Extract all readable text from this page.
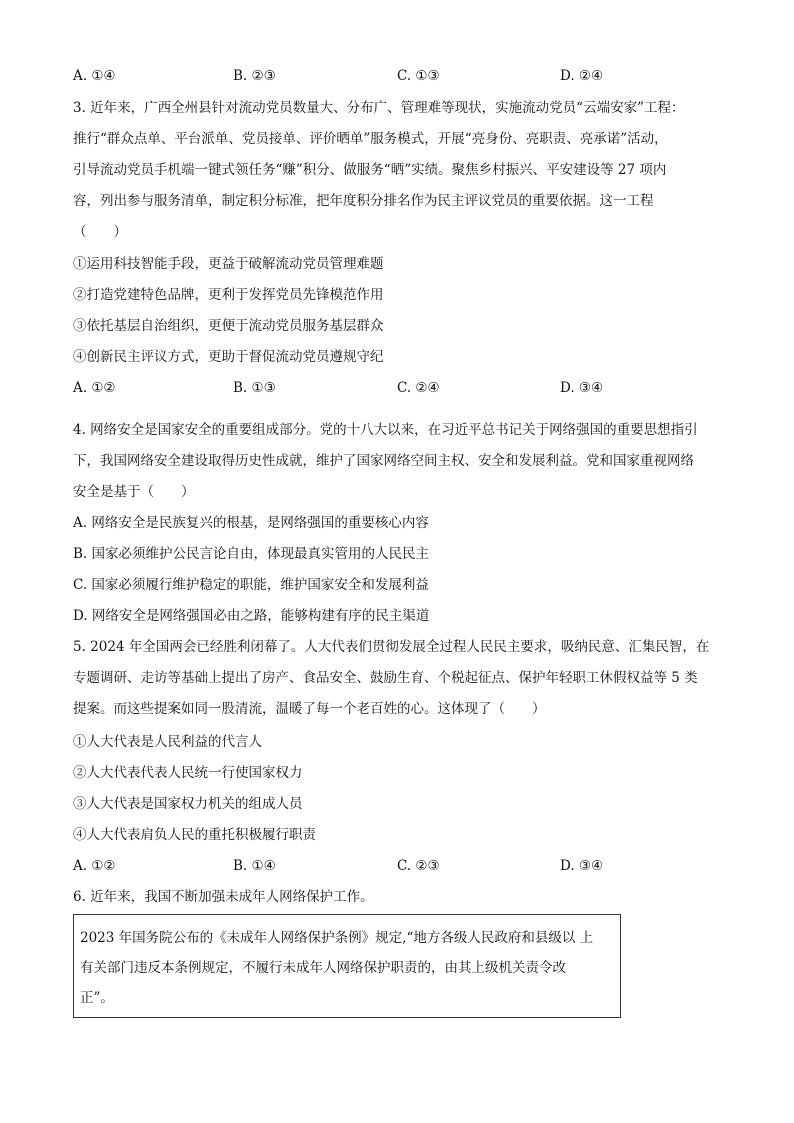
A. ①④	B. ②③	C. ①③	D. ②④
3. 近年来，广西全州县针对流动党员数量大、分布广、管理难等现状，实施流动党员“云端安家”工程：
推行“群众点单、平台派单、党员接单、评价晒单”服务模式，开展“亮身份、亮职责、亮承诺”活动，
引导流动党员手机端一键式领任务“赚”积分、做服务“晒”实绩。聚焦乡村振兴、平安建设等 27 项内
容，列出参与服务清单，制定积分标准，把年度积分排名作为民主评议党员的重要依据。这一工程
（　　）
①运用科技智能手段，更益于破解流动党员管理难题
②打造党建特色品牌，更利于发挥党员先锋模范作用
③依托基层自治组织，更便于流动党员服务基层群众
④创新民主评议方式，更助于督促流动党员遵规守纪
A. ①②	B. ①③	C. ②④	D. ③④
4. 网络安全是国家安全的重要组成部分。党的十八大以来，在习近平总书记关于网络强国的重要思想指引
下，我国网络安全建设取得历史性成就，维护了国家网络空间主权、安全和发展利益。党和国家重视网络
安全是基于（　　）
A. 网络安全是民族复兴的根基，是网络强国的重要核心内容
B. 国家必须维护公民言论自由，体现最真实管用的人民民主
C. 国家必须履行维护稳定的职能，维护国家安全和发展利益
D. 网络安全是网络强国必由之路，能够构建有序的民主渠道
5. 2024 年全国两会已经胜利闭幕了。人大代表们贯彻发展全过程人民民主要求，吸纳民意、汇集民智，在
专题调研、走访等基础上提出了房产、食品安全、鼓励生育、个税起征点、保护年轻职工休假权益等 5 类
提案。而这些提案如同一股清流，温暖了每一个老百姓的心。这体现了（　　）
①人大代表是人民利益的代言人
②人大代表代表人民统一行使国家权力
③人大代表是国家权力机关的组成人员
④人大代表肩负人民的重托积极履行职责
A. ①②	B. ①④	C. ②③	D. ③④
6. 近年来，我国不断加强未成年人网络保护工作。
2023 年国务院公布的《未成年人网络保护条例》规定,“地方各级人民政府和县级以 上
有关部门违反本条例规定，不履行未成年人网络保护职责的，由其上级机关责令改
正”。
